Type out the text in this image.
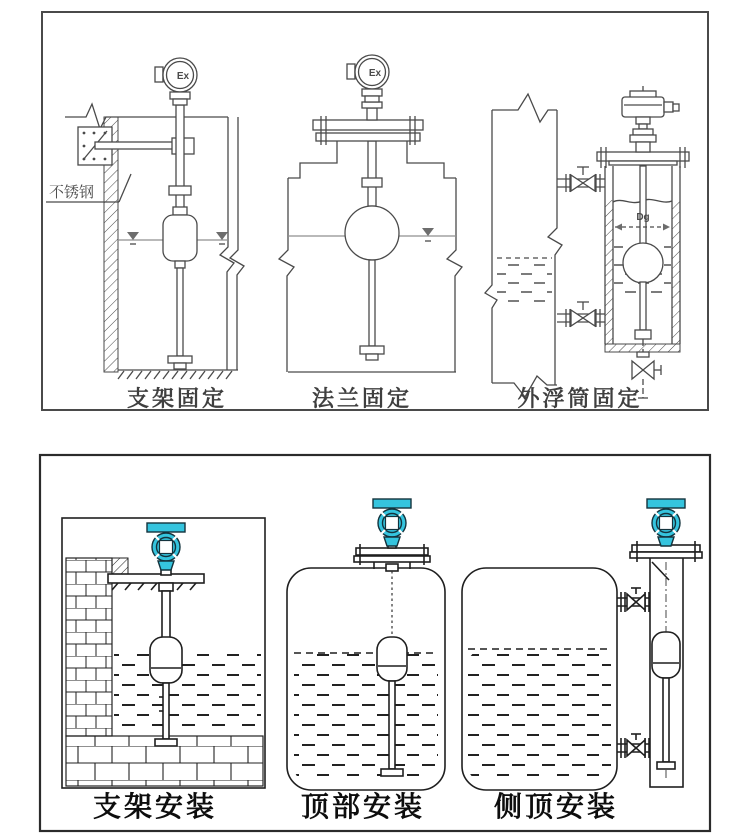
Ex
不锈钢
支架固定
Ex
法兰固定
Dg
外浮筒固定
支架安装	顶部安装 侧顶安装
